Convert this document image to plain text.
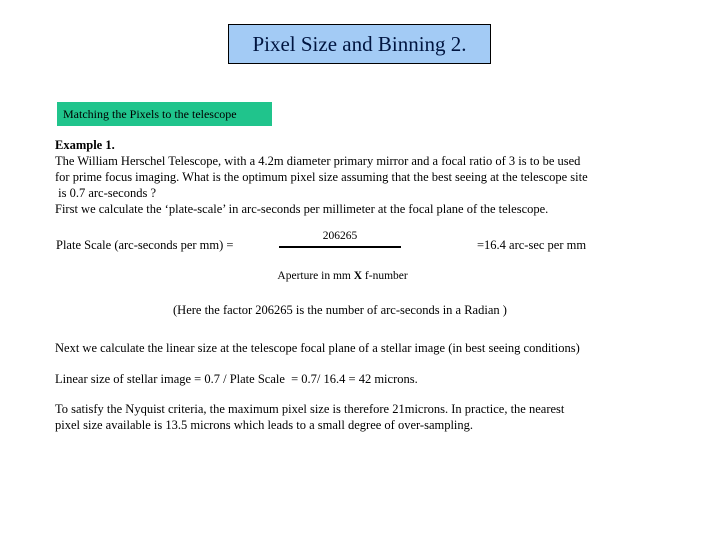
Pixel Size and Binning 2.
Matching the Pixels to the telescope
Example 1.
The William Herschel Telescope, with a 4.2m diameter primary mirror and a focal ratio of 3 is to be used
for prime focus imaging. What is the optimum pixel size assuming that the best seeing at the telescope site
is 0.7 arc-seconds ?
First we calculate the ‘plate-scale’ in arc-seconds per millimeter at the focal plane of the telescope.
Plate Scale (arc-seconds per mm) =
206265

Aperture in mm X f-number

=16.4 arc-sec per mm
(Here the factor 206265 is the number of arc-seconds in a Radian )
Next we calculate the linear size at the telescope focal plane of a stellar image (in best seeing conditions)
Linear size of stellar image = 0.7 / Plate Scale  = 0.7/ 16.4 = 42 microns.
To satisfy the Nyquist criteria, the maximum pixel size is therefore 21microns. In practice, the nearest
pixel size available is 13.5 microns which leads to a small degree of over-sampling.
